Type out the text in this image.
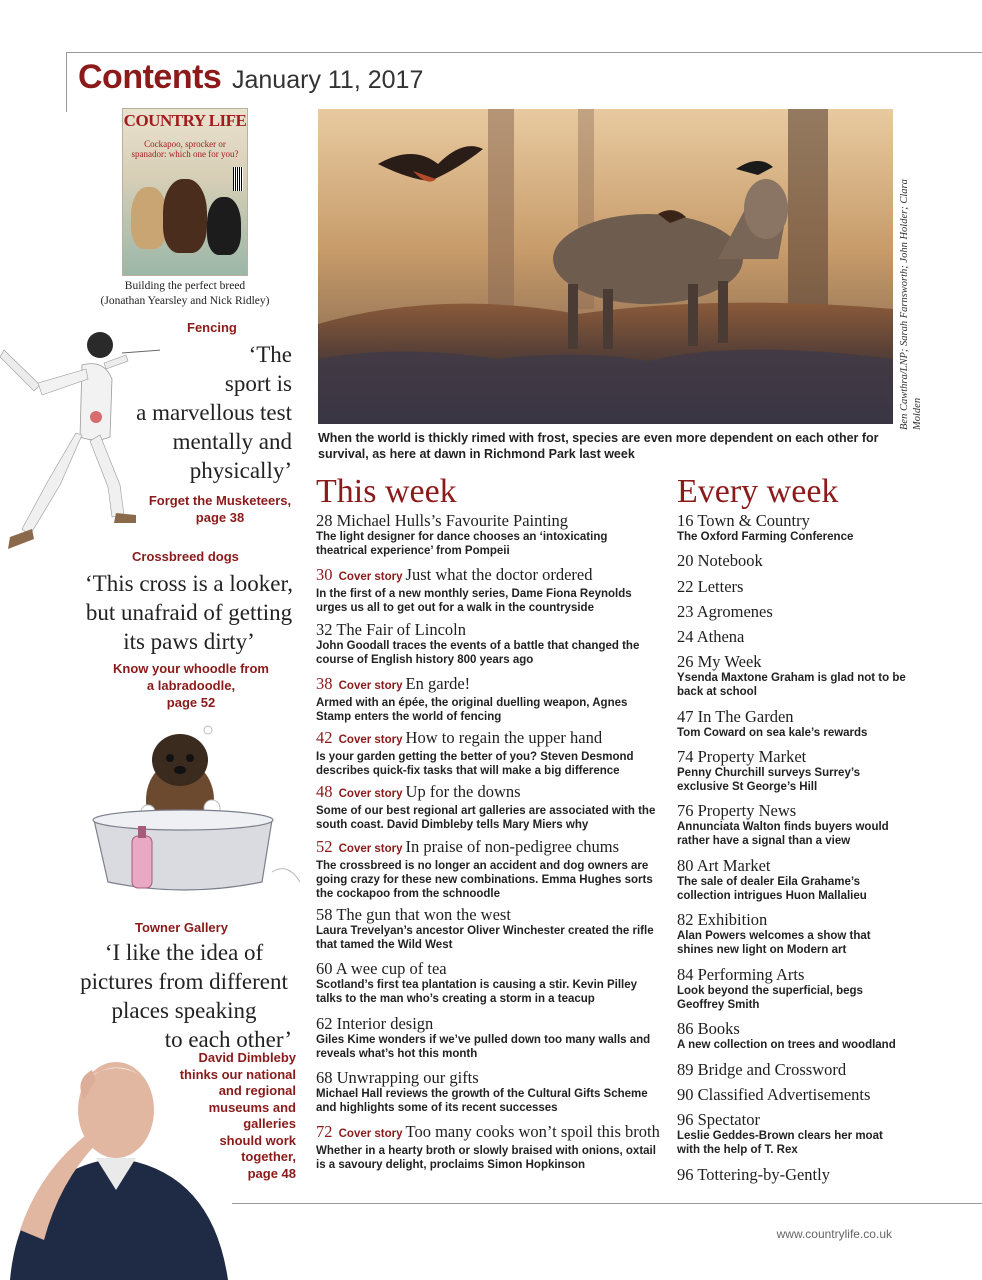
Contents January 11, 2017
COUNTRY LIFE
Cockapoo, sprocker or spanador: which one for you?
Building the perfect breed
(Jonathan Yearsley and Nick Ridley)
Fencing
‘The
sport is
a marvellous test
mentally and
physically’
Forget the Musketeers,
page 38
Crossbreed dogs
‘This cross is a looker,
but unafraid of getting
its paws dirty’
Know your whoodle from
a labradoodle,
page 52
Towner Gallery
‘I like the idea of
pictures from different
places speaking
to each other’
David Dimbleby
thinks our national
and regional
museums and
galleries
should work
together,
page 48
Ben Cawthra/LNP; Sarah Farnsworth; John Holder; Clara Molden
When the world is thickly rimed with frost, species are even more dependent on each other for survival, as here at dawn in Richmond Park last week
This week
28 Michael Hulls’s Favourite Painting
The light designer for dance chooses an ‘intoxicating theatrical experience’ from Pompeii
30 Cover story Just what the doctor ordered
In the first of a new monthly series, Dame Fiona Reynolds urges us all to get out for a walk in the countryside
32 The Fair of Lincoln
John Goodall traces the events of a battle that changed the course of English history 800 years ago
38 Cover story En garde!
Armed with an épée, the original duelling weapon, Agnes Stamp enters the world of fencing
42 Cover story How to regain the upper hand
Is your garden getting the better of you? Steven Desmond describes quick-fix tasks that will make a big difference
48 Cover story Up for the downs
Some of our best regional art galleries are associated with the south coast. David Dimbleby tells Mary Miers why
52 Cover story In praise of non-pedigree chums
The crossbreed is no longer an accident and dog owners are going crazy for these new combinations. Emma Hughes sorts the cockapoo from the schnoodle
58 The gun that won the west
Laura Trevelyan’s ancestor Oliver Winchester created the rifle that tamed the Wild West
60 A wee cup of tea
Scotland’s first tea plantation is causing a stir. Kevin Pilley talks to the man who’s creating a storm in a teacup
62 Interior design
Giles Kime wonders if we’ve pulled down too many walls and reveals what’s hot this month
68 Unwrapping our gifts
Michael Hall reviews the growth of the Cultural Gifts Scheme and highlights some of its recent successes
72 Cover story Too many cooks won’t spoil this broth
Whether in a hearty broth or slowly braised with onions, oxtail is a savoury delight, proclaims Simon Hopkinson
Every week
16 Town & Country
The Oxford Farming Conference
20 Notebook
22 Letters
23 Agromenes
24 Athena
26 My Week
Ysenda Maxtone Graham is glad not to be back at school
47 In The Garden
Tom Coward on sea kale’s rewards
74 Property Market
Penny Churchill surveys Surrey’s exclusive St George’s Hill
76 Property News
Annunciata Walton finds buyers would rather have a signal than a view
80 Art Market
The sale of dealer Eila Grahame’s collection intrigues Huon Mallalieu
82 Exhibition
Alan Powers welcomes a show that shines new light on Modern art
84 Performing Arts
Look beyond the superficial, begs Geoffrey Smith
86 Books
A new collection on trees and woodland
89 Bridge and Crossword
90 Classified Advertisements
96 Spectator
Leslie Geddes-Brown clears her moat with the help of T. Rex
96 Tottering-by-Gently
www.countrylife.co.uk
